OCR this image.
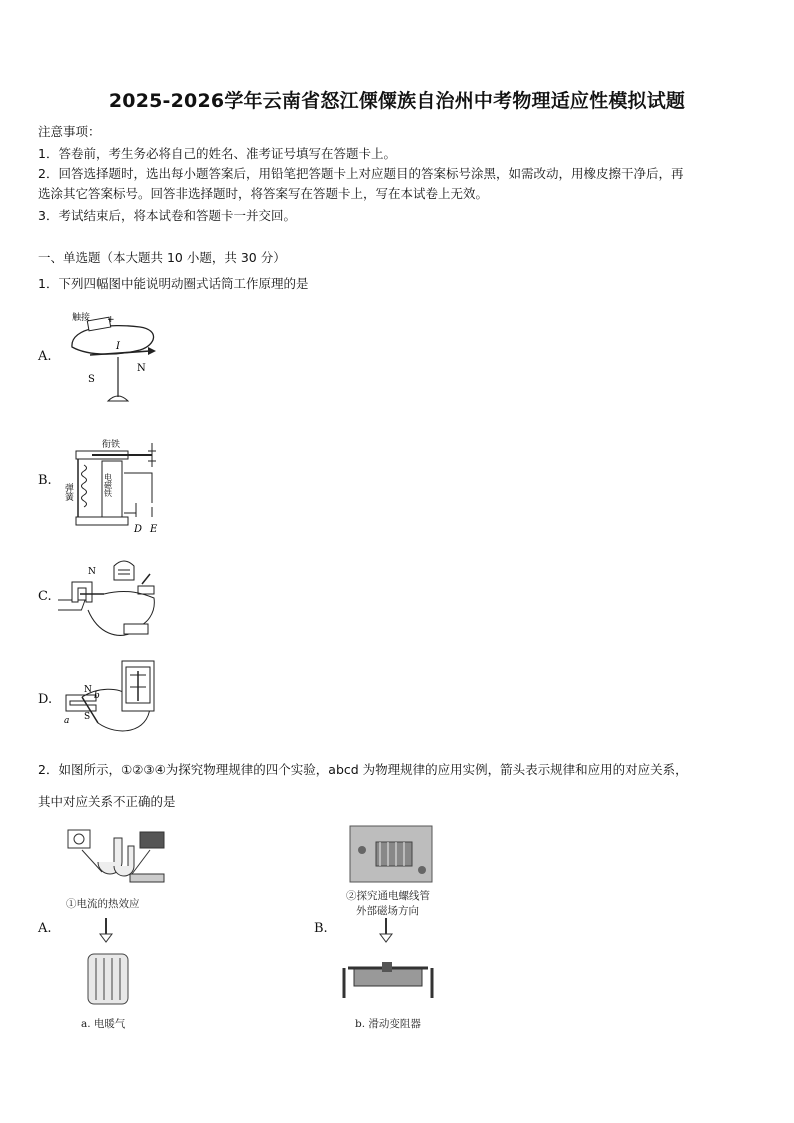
2025-2026学年云南省怒江傈僳族自治州中考物理适应性模拟试题
注意事项：
1．答卷前，考生务必将自己的姓名、准考证号填写在答题卡上。
2．回答选择题时，选出每小题答案后，用铅笔把答题卡上对应题目的答案标号涂黑，如需改动，用橡皮擦干净后，再
选涂其它答案标号。回答非选择题时，将答案写在答题卡上，写在本试卷上无效。
3．考试结束后，将本试卷和答题卡一并交回。
一、单选题（本大题共 10 小题，共 30 分）
1．下列四幅图中能说明动圈式话筒工作原理的是
A.
触接 +
I
S
N
B.
衔铁
弹簧	电磁铁
D E
C.
N
D.
N
S
a
b
2．如图所示，①②③④为探究物理规律的四个实验，abcd 为物理规律的应用实例，箭头表示规律和应用的对应关系，
其中对应关系不正确的是
①电流的热效应
A.
a. 电暖气
②探究通电螺线管
外部磁场方向
B.
b. 滑动变阻器
